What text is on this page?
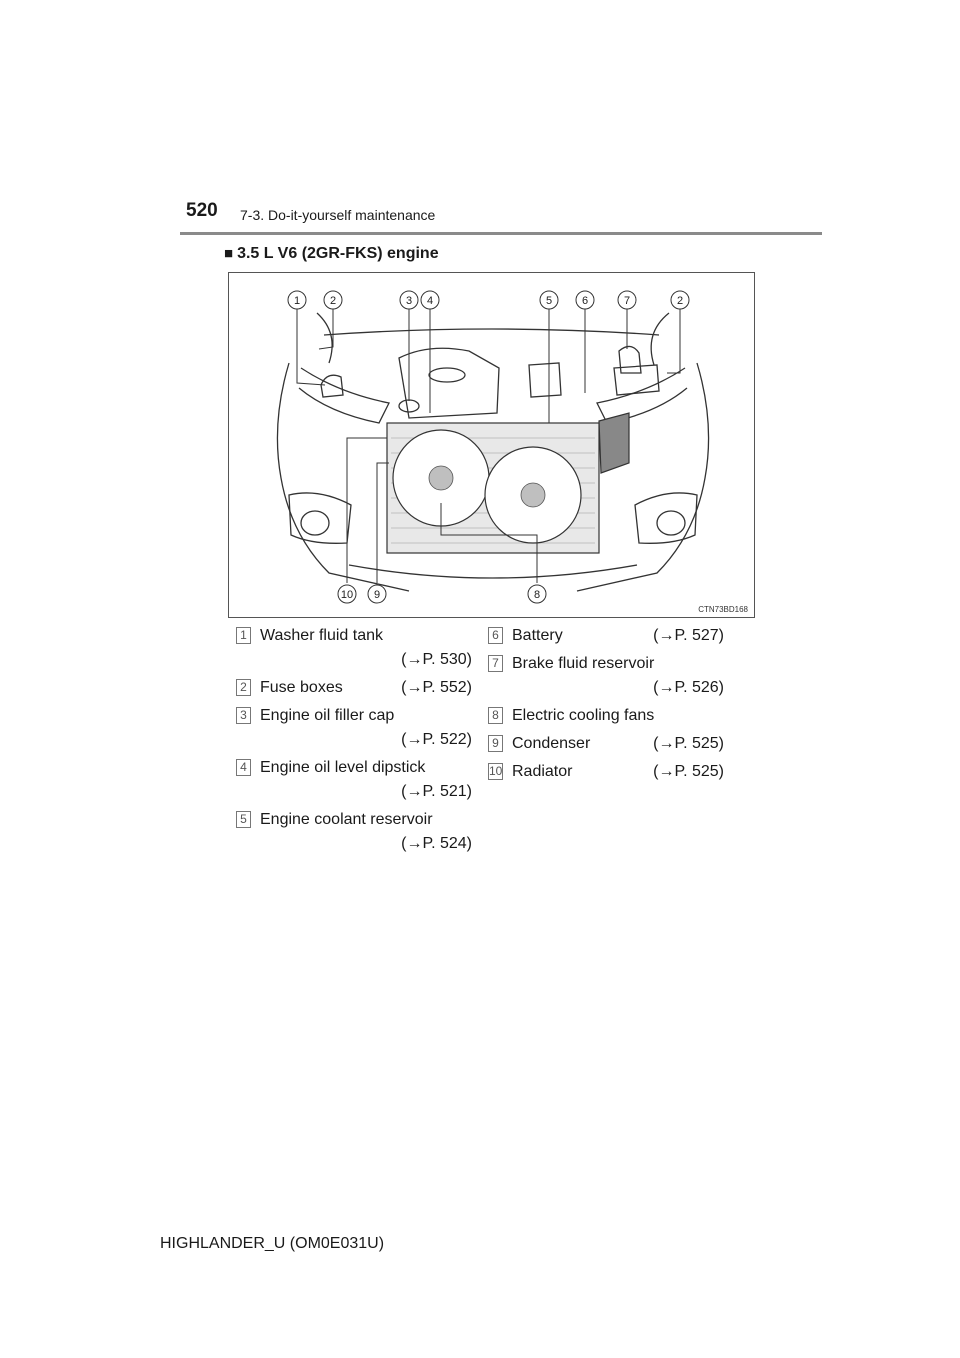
520 7-3. Do-it-yourself maintenance
■ 3.5 L V6 (2GR-FKS) engine
1	2	3 4	5	6	7	2
10 9	8
CTN73BD168
1 Washer fluid tank
(→P. 530)
2 Fuse boxes	(→P. 552)
3 Engine oil filler cap
(→P. 522)
4 Engine oil level dipstick
(→P. 521)
5 Engine coolant reservoir
(→P. 524)
6 Battery	(→P. 527)
7 Brake fluid reservoir
(→P. 526)
8 Electric cooling fans
9 Condenser	(→P. 525)
10 Radiator	(→P. 525)
HIGHLANDER_U (OM0E031U)
